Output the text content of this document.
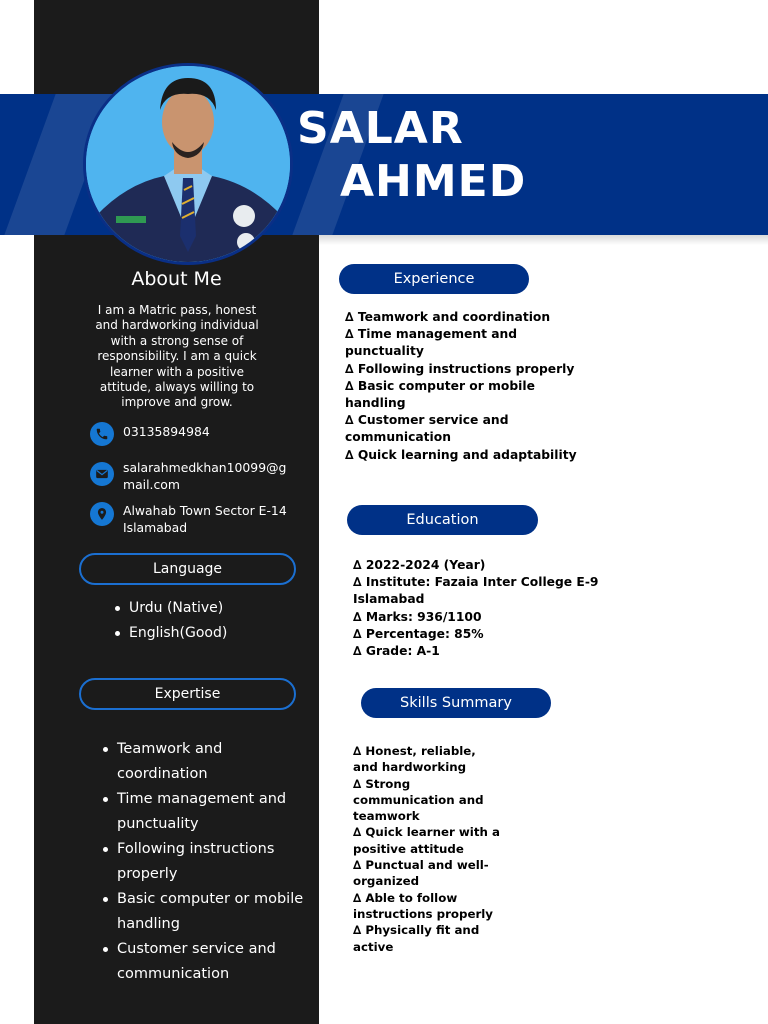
SALAR
AHMED
About Me

I am a Matric pass, honest and hardworking individual with a strong sense of responsibility. I am a quick learner with a positive attitude, always willing to improve and grow.

03135894984
salarahmedkhan10099@gmail.com
Alwahab Town Sector E-14 Islamabad
Language
Urdu (Native)
English(Good)
Expertise
Teamwork and coordination
Time management and punctuality
Following instructions properly
Basic computer or mobile handling
Customer service and communication
Experience
∆ Teamwork and coordination
∆ Time management and punctuality
∆ Following instructions properly
∆ Basic computer or mobile handling
∆ Customer service and communication
∆ Quick learning and adaptability
Education
∆ 2022-2024 (Year)
∆ Institute: Fazaia Inter College E-9 Islamabad
∆ Marks: 936/1100
∆ Percentage: 85%
∆ Grade: A-1
Skills Summary
∆ Honest, reliable, and hardworking
∆ Strong communication and teamwork
∆ Quick learner with a positive attitude
∆ Punctual and well-organized
∆ Able to follow instructions properly
∆ Physically fit and active
